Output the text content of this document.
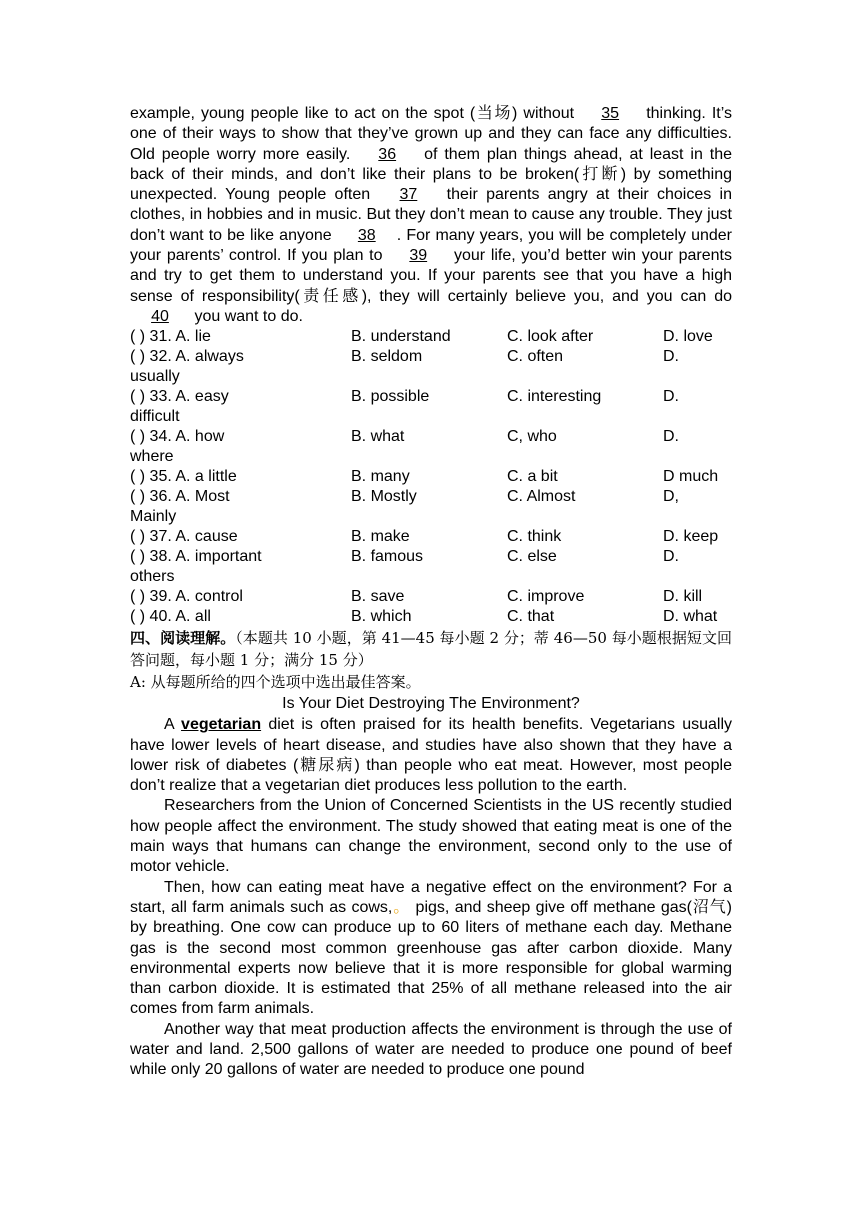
example, young people like to act on the spot (当场) without 35 thinking. It’s one of their ways to show that they’ve grown up and they can face any difficulties. Old people worry more easily. 36 of them plan things ahead, at least in the back of their minds, and don’t like their plans to be broken(打断) by something unexpected. Young people often 37 their parents angry at their choices in clothes, in hobbies and in music. But they don’t mean to cause any trouble. They just don’t want to be like anyone 38 . For many years, you will be completely under your parents’ control. If you plan to 39 your life, you’d better win your parents and try to get them to understand you. If your parents see that you have a high sense of responsibility(责任感), they will certainly believe you, and you can do 40 you want to do.

( ) 31. A. lie	B. understand	C. look after	D. love
( ) 32. A. always	B. seldom	C. often	D.
usually
( ) 33. A. easy	B. possible	C. interesting	D.
difficult
( ) 34. A. how	B. what	C, who	D.
where
( ) 35. A. a little	B. many	C. a bit	D much
( ) 36. A. Most	B. Mostly	C. Almost	D,
Mainly
( ) 37. A. cause	B. make	C. think	D. keep
( ) 38. A. important	B. famous	C. else	D.
others
( ) 39. A. control	B. save	C. improve	D. kill
( ) 40. A. all	B. which	C. that	D. what

四、阅读理解。（本题共 10 小题，第 41—45 每小题 2 分；蒂 46—50 每小题根据短文回答问题，每小题 1 分；满分 15 分）

A: 从每题所给的四个选项中选出最佳答案。

Is Your Diet Destroying The Environment?

A vegetarian diet is often praised for its health benefits. Vegetarians usually have lower levels of heart disease, and studies have also shown that they have a lower risk of diabetes (糖尿病) than people who eat meat. However, most people don’t realize that a vegetarian diet produces less pollution to the earth.

Researchers from the Union of Concerned Scientists in the US recently studied how people affect the environment. The study showed that eating meat is one of the main ways that humans can change the environment, second only to the use of motor vehicle.

Then, how can eating meat have a negative effect on the environment? For a start, all farm animals such as cows,。 pigs, and sheep give off methane gas(沼气) by breathing. One cow can produce up to 60 liters of methane each day. Methane gas is the second most common greenhouse gas after carbon dioxide. Many environmental experts now believe that it is more responsible for global warming than carbon dioxide. It is estimated that 25% of all methane released into the air comes from farm animals.

Another way that meat production affects the environment is through the use of water and land. 2,500 gallons of water are needed to produce one pound of beef while only 20 gallons of water are needed to produce one pound
